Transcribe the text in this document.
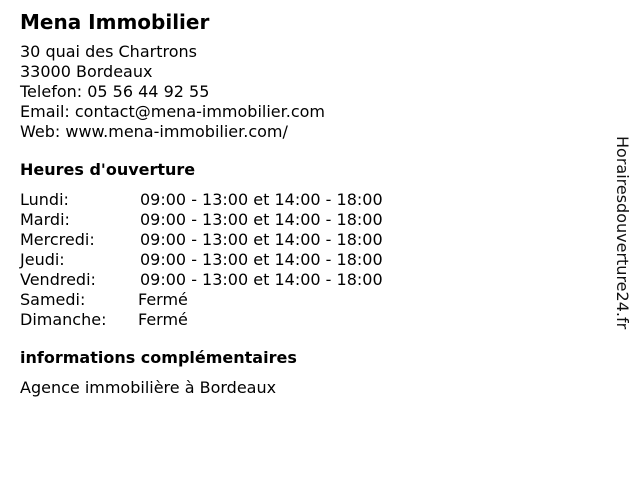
Mena Immobilier
30 quai des Chartrons
33000 Bordeaux
Telefon: 05 56 44 92 55
Email: contact@mena-immobilier.com
Web: www.mena-immobilier.com/
Heures d'ouverture
Lundi:	09:00 - 13:00 et 14:00 - 18:00
Mardi:	09:00 - 13:00 et 14:00 - 18:00
Mercredi:	09:00 - 13:00 et 14:00 - 18:00
Jeudi:	09:00 - 13:00 et 14:00 - 18:00
Vendredi:	09:00 - 13:00 et 14:00 - 18:00
Samedi:	Fermé
Dimanche:	Fermé
informations complémentaires
Agence immobilière à Bordeaux
Horairesdouverture24.fr
